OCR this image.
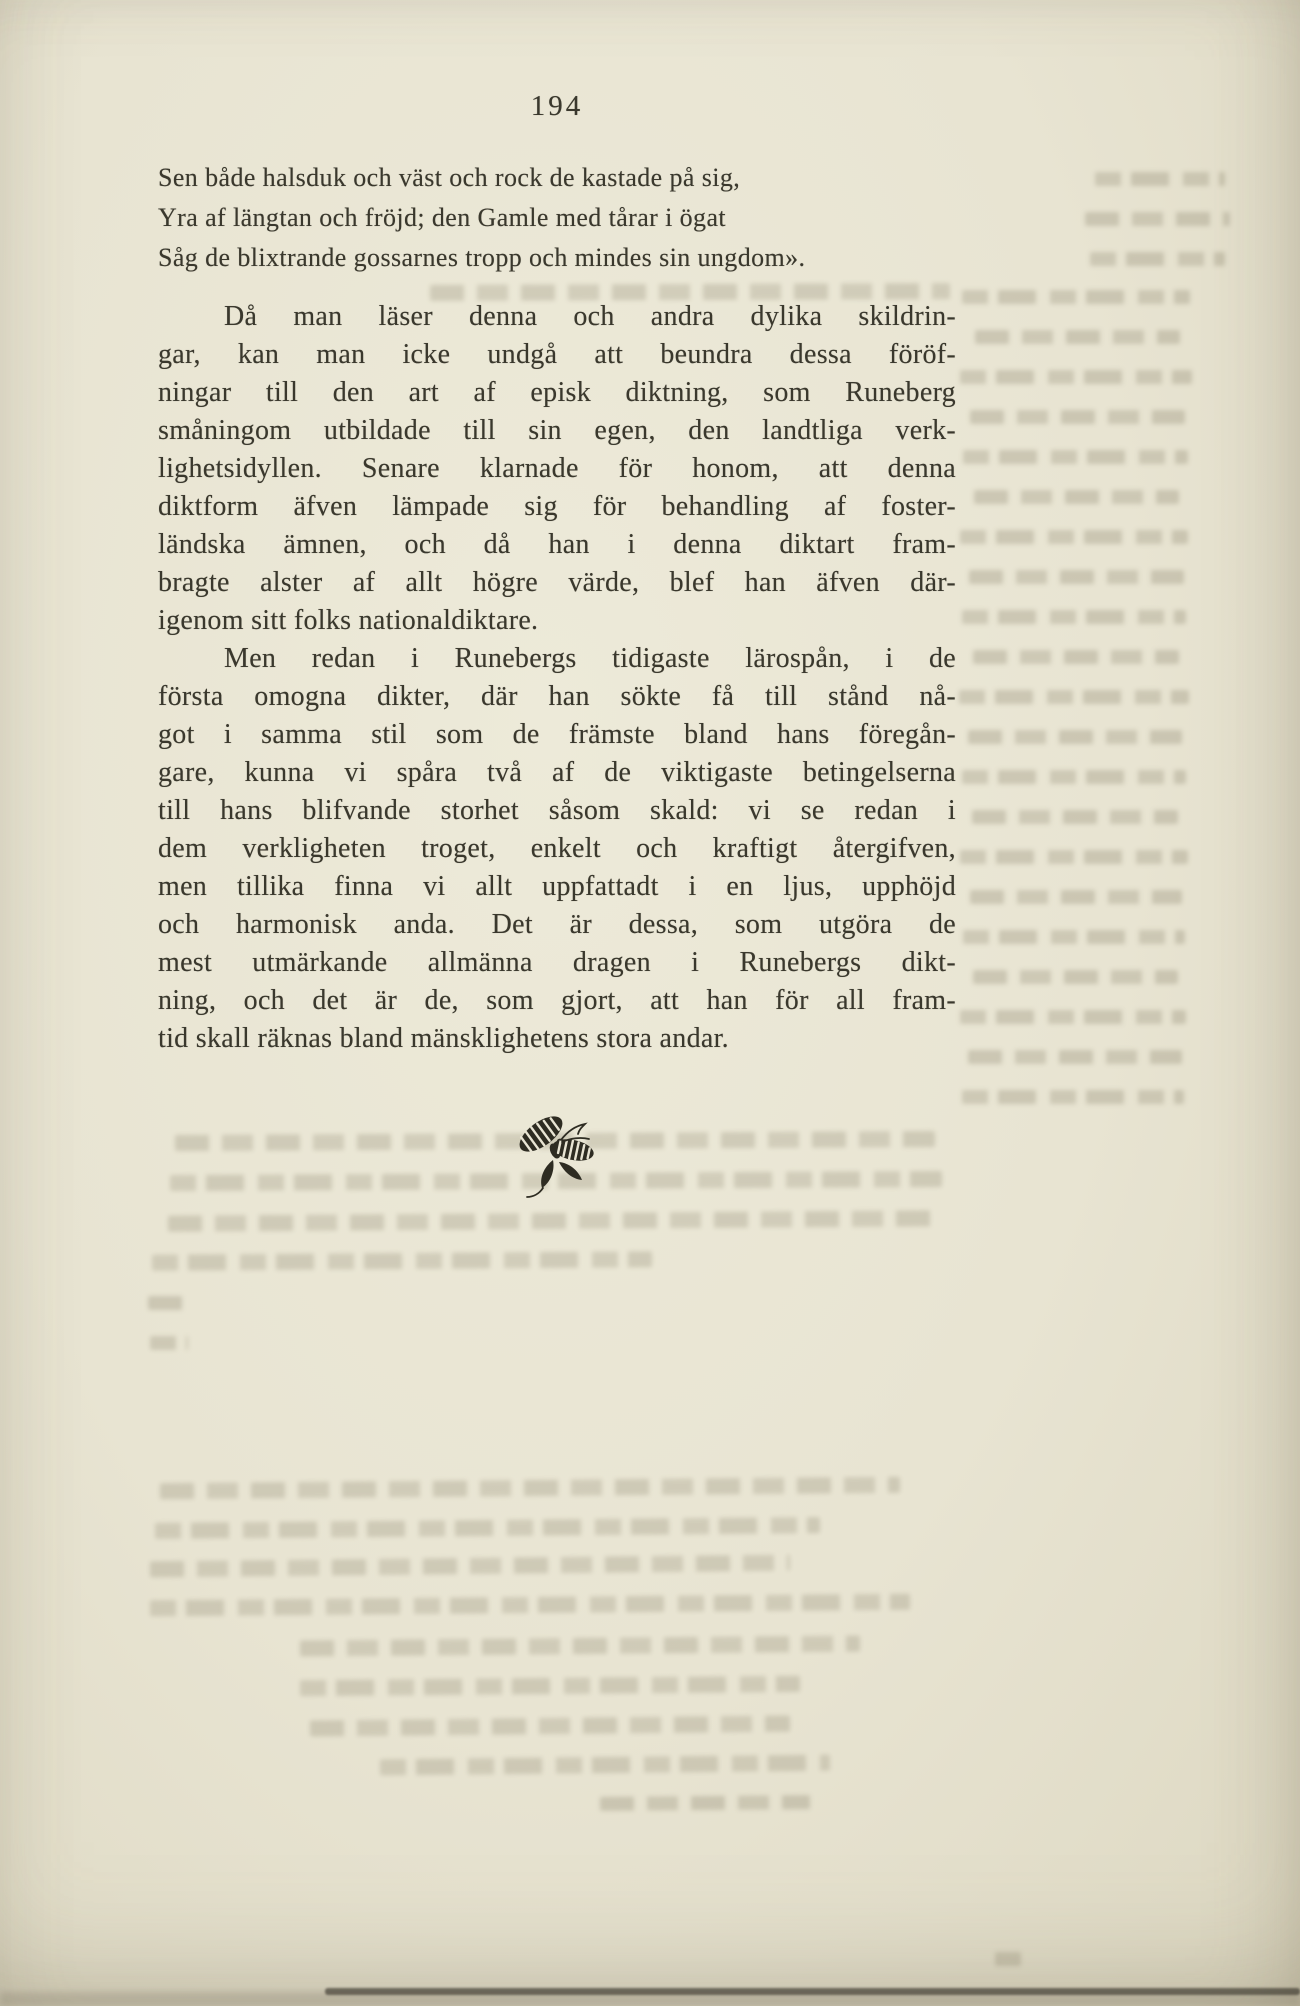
194
Sen både halsduk och väst och rock de kastade på sig,
Yra af längtan och fröjd; den Gamle med tårar i ögat
Såg de blixtrande gossarnes tropp och mindes sin ungdom».
Då man läser denna och andra dylika skildrin-
gar, kan man icke undgå att beundra dessa föröf-
ningar till den art af episk diktning, som Runeberg
småningom utbildade till sin egen, den landtliga verk-
lighetsidyllen. Senare klarnade för honom, att denna
diktform äfven lämpade sig för behandling af foster-
ländska ämnen, och då han i denna diktart fram-
bragte alster af allt högre värde, blef han äfven där-
igenom sitt folks nationaldiktare.
Men redan i Runebergs tidigaste lärospån, i de
första omogna dikter, där han sökte få till stånd nå-
got i samma stil som de främste bland hans föregån-
gare, kunna vi spåra två af de viktigaste betingelserna
till hans blifvande storhet såsom skald: vi se redan i
dem verkligheten troget, enkelt och kraftigt återgifven,
men tillika finna vi allt uppfattadt i en ljus, upphöjd
och harmonisk anda. Det är dessa, som utgöra de
mest utmärkande allmänna dragen i Runebergs dikt-
ning, och det är de, som gjort, att han för all fram-
tid skall räknas bland mänsklighetens stora andar.
